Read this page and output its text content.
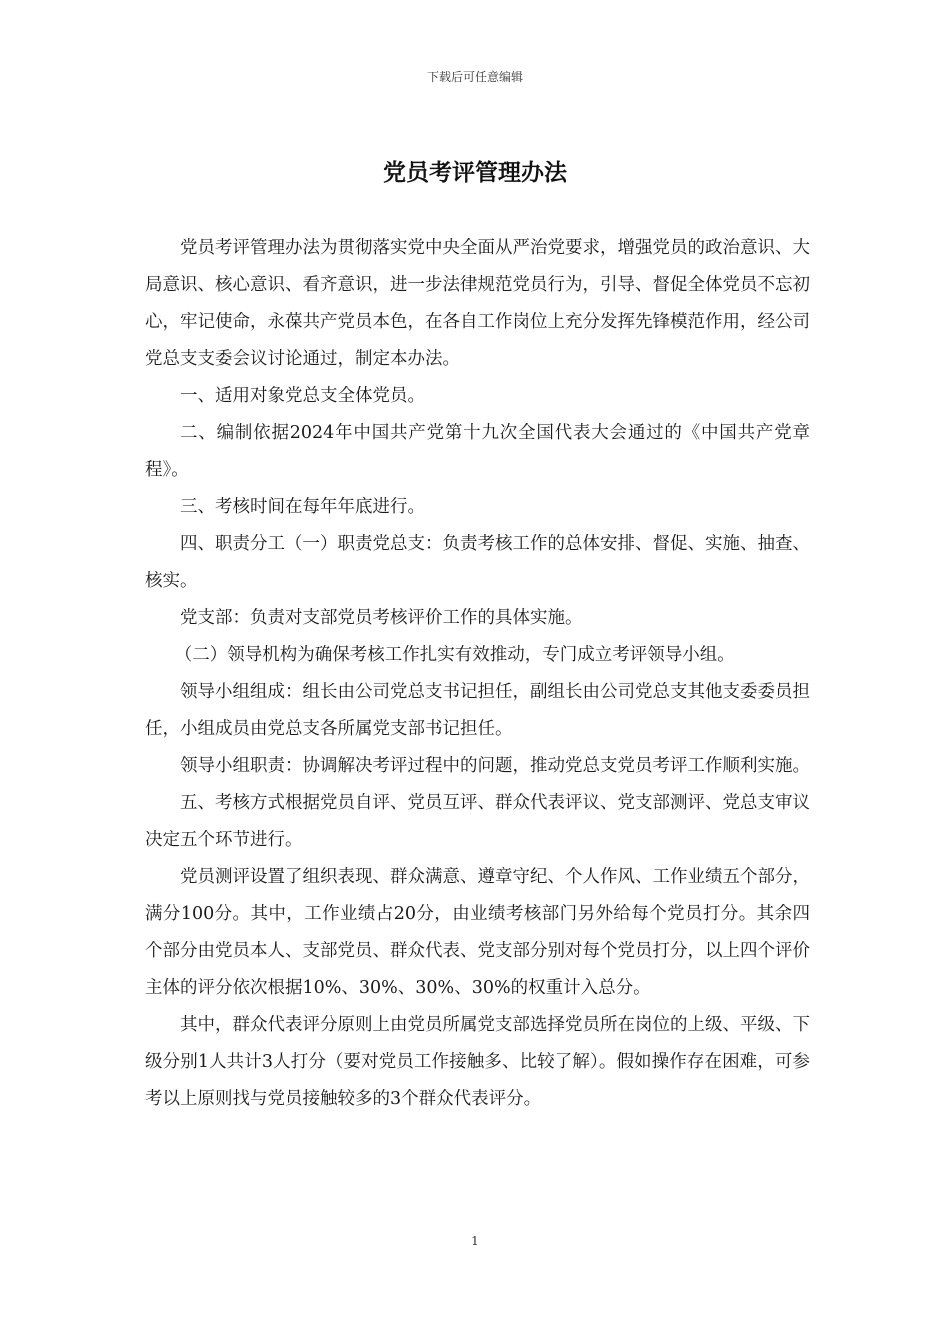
下载后可任意编辑
党员考评管理办法

党员考评管理办法为贯彻落实党中央全面从严治党要求，增强党员的政治意识、大局意识、核心意识、看齐意识，进一步法律规范党员行为，引导、督促全体党员不忘初心，牢记使命，永葆共产党员本色，在各自工作岗位上充分发挥先锋模范作用，经公司党总支支委会议讨论通过，制定本办法。

一、适用对象党总支全体党员。

二、编制依据2024年中国共产党第十九次全国代表大会通过的《中国共产党章程》。

三、考核时间在每年年底进行。

四、职责分工（一）职责党总支：负责考核工作的总体安排、督促、实施、抽查、核实。

党支部：负责对支部党员考核评价工作的具体实施。

（二）领导机构为确保考核工作扎实有效推动，专门成立考评领导小组。

领导小组组成：组长由公司党总支书记担任，副组长由公司党总支其他支委委员担任，小组成员由党总支各所属党支部书记担任。

领导小组职责：协调解决考评过程中的问题，推动党总支党员考评工作顺利实施。

五、考核方式根据党员自评、党员互评、群众代表评议、党支部测评、党总支审议决定五个环节进行。

党员测评设置了组织表现、群众满意、遵章守纪、个人作风、工作业绩五个部分，满分100分。其中，工作业绩占20分，由业绩考核部门另外给每个党员打分。其余四个部分由党员本人、支部党员、群众代表、党支部分别对每个党员打分，以上四个评价主体的评分依次根据10%、30%、30%、30%的权重计入总分。

其中，群众代表评分原则上由党员所属党支部选择党员所在岗位的上级、平级、下级分别1人共计3人打分（要对党员工作接触多、比较了解）。假如操作存在困难，可参考以上原则找与党员接触较多的3个群众代表评分。

1
